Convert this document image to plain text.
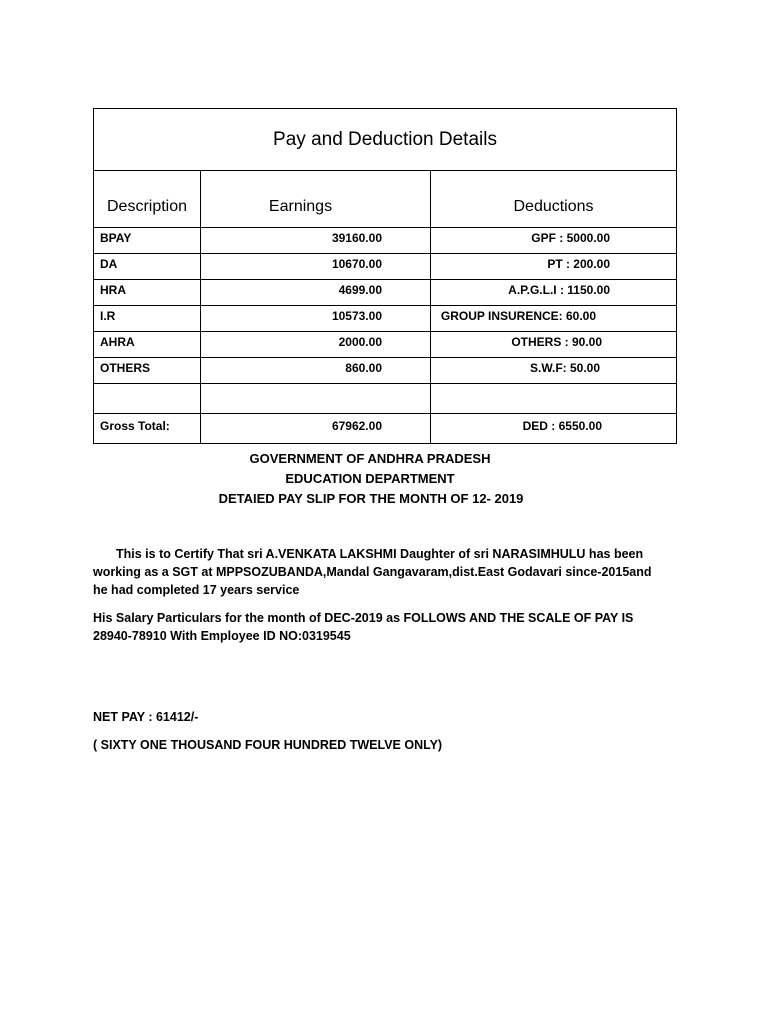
Pay and Deduction Details		
Description	Earnings	Deductions
BPAY	39160.00	GPF : 5000.00
DA	10670.00	PT : 200.00
HRA	4699.00	A.P.G.L.I : 1150.00
I.R	10573.00	GROUP INSURENCE: 60.00
AHRA	2000.00	OTHERS : 90.00
OTHERS	860.00	S.W.F: 50.00

Gross Total:	67962.00	DED : 6550.00
GOVERNMENT OF ANDHRA PRADESH
EDUCATION DEPARTMENT
DETAIED PAY SLIP FOR THE MONTH OF 12- 2019
This is to Certify That sri A.VENKATA LAKSHMI Daughter of sri NARASIMHULU has been working as a SGT at MPPSOZUBANDA,Mandal Gangavaram,dist.East Godavari since-2015and he had completed 17 years service
His Salary Particulars for the month of DEC-2019 as FOLLOWS AND THE SCALE OF PAY IS 28940-78910 With Employee ID NO:0319545
NET PAY : 61412/-
( SIXTY ONE THOUSAND FOUR HUNDRED TWELVE ONLY)
